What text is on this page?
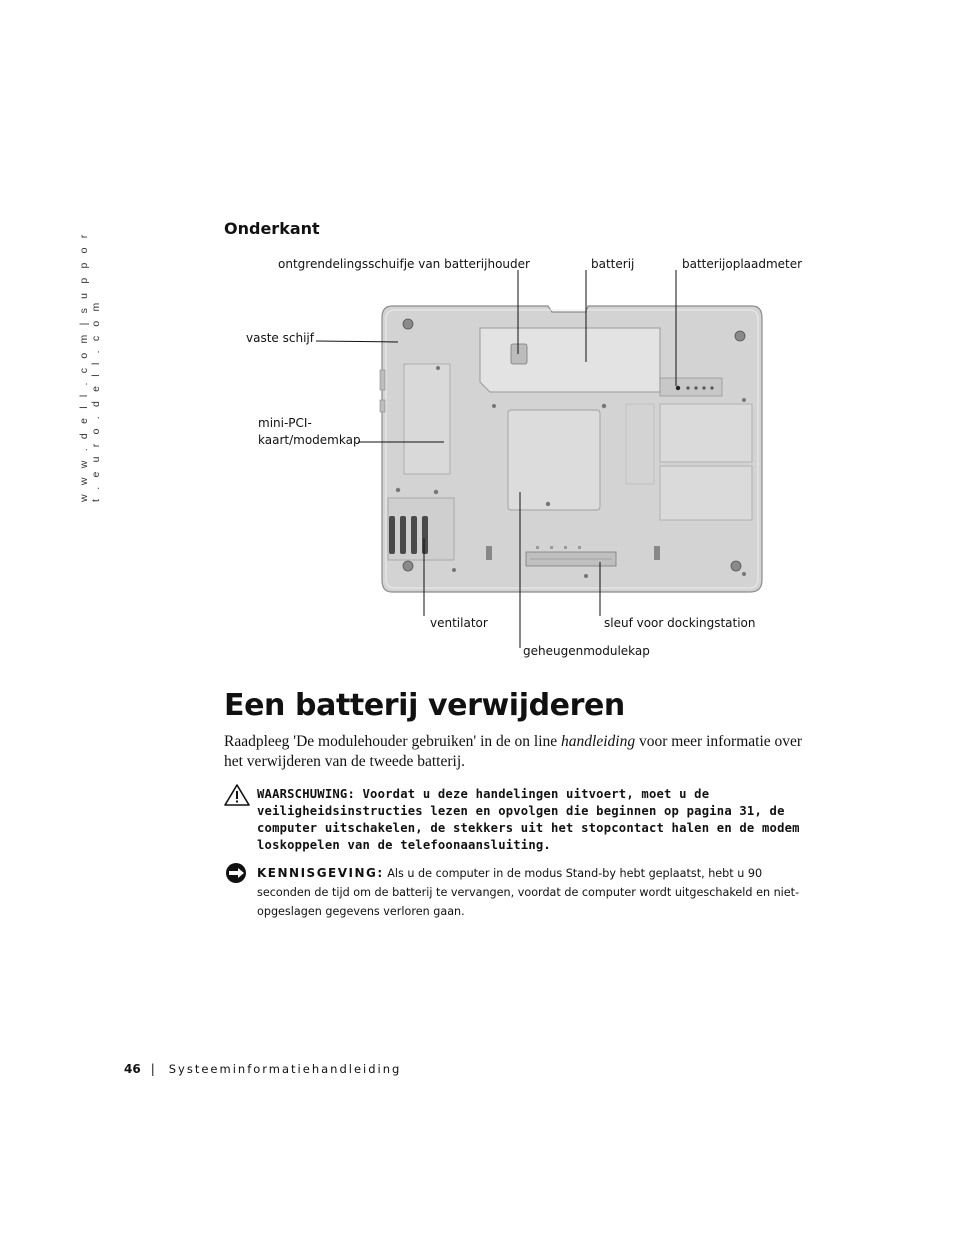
w w w . d e l l . c o m | s u p p o r t . e u r o . d e l l . c o m
Onderkant
ontgrendelingsschuifje van batterijhouder	batterij	batterijoplaadmeter
vaste schijf
mini-PCI-
kaart/modemkap
ventilator	sleuf voor dockingstation
geheugenmodulekap
Een batterij verwijderen

Raadpleeg 'De modulehouder gebruiken' in de on line handleiding voor meer informatie over het verwijderen van de tweede batterij.

WAARSCHUWING: Voordat u deze handelingen uitvoert, moet u de veiligheidsinstructies lezen en opvolgen die beginnen op pagina 31, de computer uitschakelen, de stekkers uit het stopcontact halen en de modem loskoppelen van de telefoonaansluiting.

KENNISGEVING: Als u de computer in de modus Stand-by hebt geplaatst, hebt u 90 seconden de tijd om de batterij te vervangen, voordat de computer wordt uitgeschakeld en niet-opgeslagen gegevens verloren gaan.

46 | Systeeminformatiehandleiding
